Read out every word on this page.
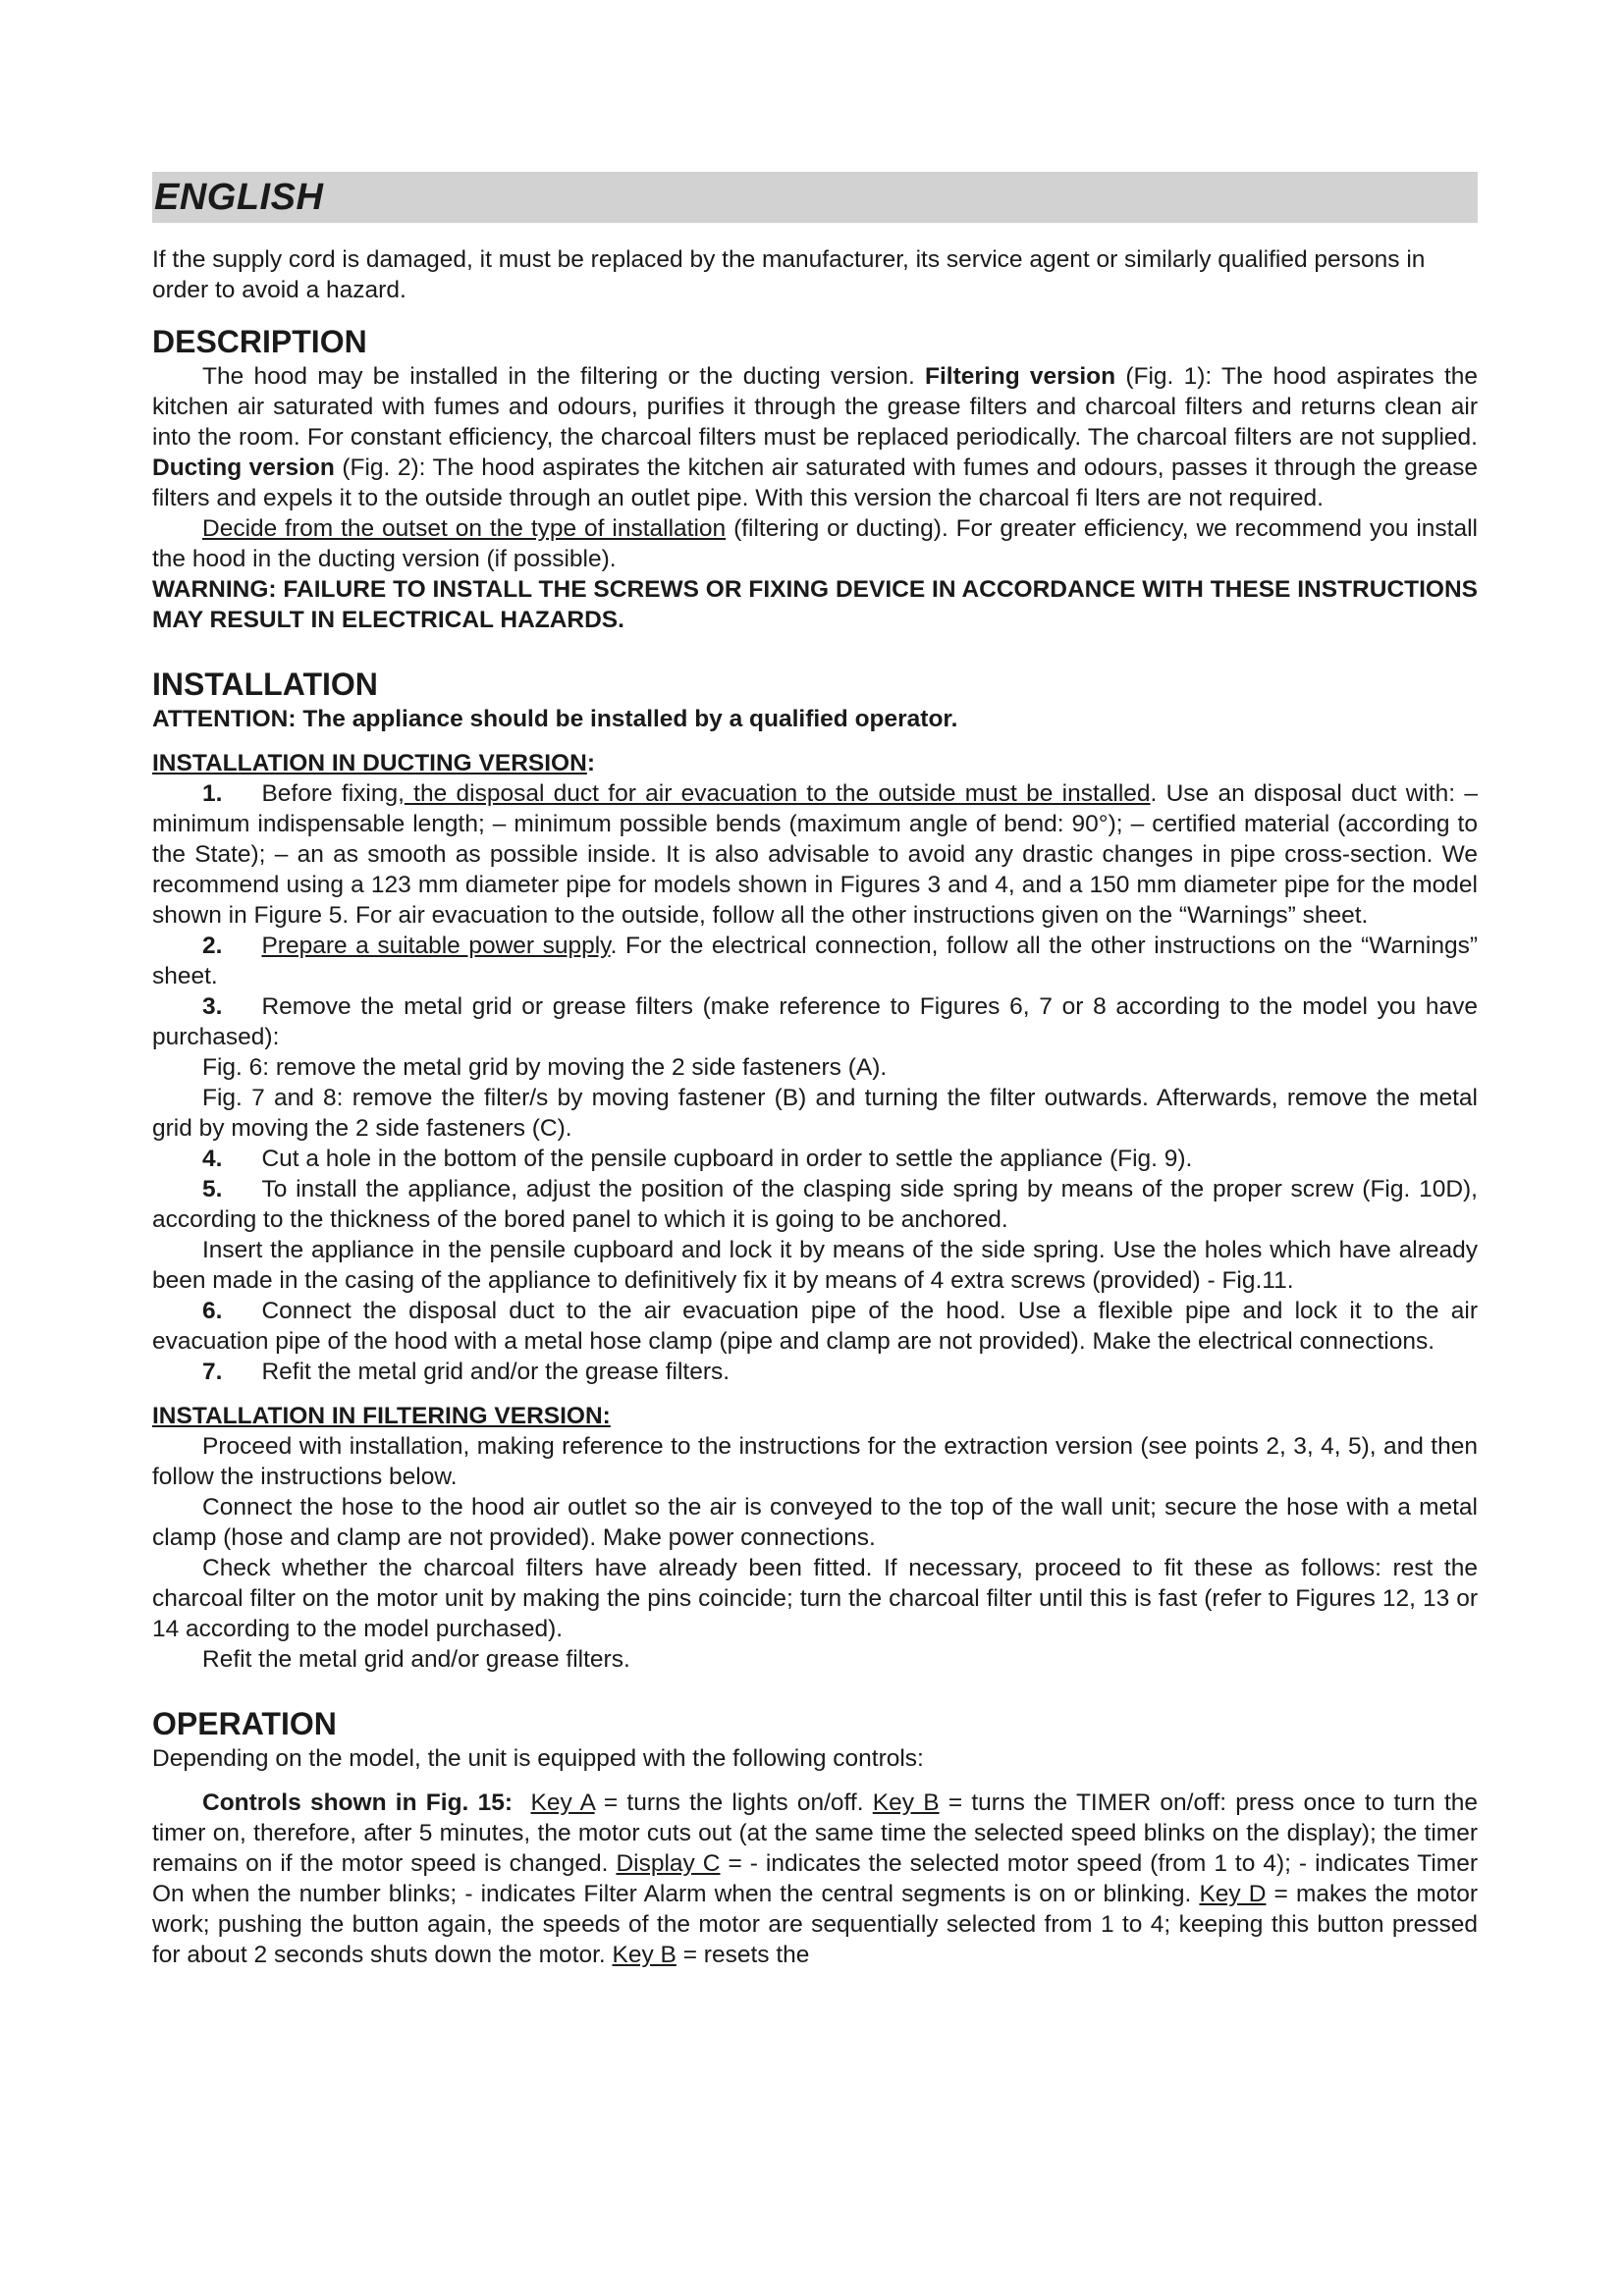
ENGLISH

If the supply cord is damaged, it must be replaced by the manufacturer, its service agent or similarly qualified persons in order to avoid a hazard.

DESCRIPTION

The hood may be installed in the filtering or the ducting version. Filtering version (Fig. 1): The hood aspirates the kitchen air saturated with fumes and odours, purifies it through the grease filters and charcoal filters and returns clean air into the room. For constant efficiency, the charcoal filters must be replaced periodically. The charcoal filters are not supplied. Ducting version (Fig. 2): The hood aspirates the kitchen air saturated with fumes and odours, passes it through the grease filters and expels it to the outside through an outlet pipe. With this version the charcoal fi lters are not required.

Decide from the outset on the type of installation (filtering or ducting). For greater efficiency, we recommend you install the hood in the ducting version (if possible).

WARNING: FAILURE TO INSTALL THE SCREWS OR FIXING DEVICE IN ACCORDANCE WITH THESE INSTRUCTIONS MAY RESULT IN ELECTRICAL HAZARDS.

INSTALLATION

ATTENTION: The appliance should be installed by a qualified operator.

INSTALLATION IN DUCTING VERSION:

1. Before fixing, the disposal duct for air evacuation to the outside must be installed. Use an disposal duct with: – minimum indispensable length; – minimum possible bends (maximum angle of bend: 90°); – certified material (according to the State); – an as smooth as possible inside. It is also advisable to avoid any drastic changes in pipe cross-section. We recommend using a 123 mm diameter pipe for models shown in Figures 3 and 4, and a 150 mm diameter pipe for the model shown in Figure 5. For air evacuation to the outside, follow all the other instructions given on the “Warnings” sheet.

2. Prepare a suitable power supply. For the electrical connection, follow all the other instructions on the “Warnings” sheet.

3. Remove the metal grid or grease filters (make reference to Figures 6, 7 or 8 according to the model you have purchased):

Fig. 6: remove the metal grid by moving the 2 side fasteners (A).

Fig. 7 and 8: remove the filter/s by moving fastener (B) and turning the filter outwards. Afterwards, remove the metal grid by moving the 2 side fasteners (C).

4. Cut a hole in the bottom of the pensile cupboard in order to settle the appliance (Fig. 9).

5. To install the appliance, adjust the position of the clasping side spring by means of the proper screw (Fig. 10D), according to the thickness of the bored panel to which it is going to be anchored.

Insert the appliance in the pensile cupboard and lock it by means of the side spring. Use the holes which have already been made in the casing of the appliance to definitively fix it by means of 4 extra screws (provided) - Fig.11.

6. Connect the disposal duct to the air evacuation pipe of the hood. Use a flexible pipe and lock it to the air evacuation pipe of the hood with a metal hose clamp (pipe and clamp are not provided). Make the electrical connections.

7. Refit the metal grid and/or the grease filters.

INSTALLATION IN FILTERING VERSION:

Proceed with installation, making reference to the instructions for the extraction version (see points 2, 3, 4, 5), and then follow the instructions below.

Connect the hose to the hood air outlet so the air is conveyed to the top of the wall unit; secure the hose with a metal clamp (hose and clamp are not provided). Make power connections.

Check whether the charcoal filters have already been fitted. If necessary, proceed to fit these as follows: rest the charcoal filter on the motor unit by making the pins coincide; turn the charcoal filter until this is fast (refer to Figures 12, 13 or 14 according to the model purchased).

Refit the metal grid and/or grease filters.

OPERATION

Depending on the model, the unit is equipped with the following controls:

Controls shown in Fig. 15: Key A = turns the lights on/off. Key B = turns the TIMER on/off: press once to turn the timer on, therefore, after 5 minutes, the motor cuts out (at the same time the selected speed blinks on the display); the timer remains on if the motor speed is changed. Display C = - indicates the selected motor speed (from 1 to 4); - indicates Timer On when the number blinks; - indicates Filter Alarm when the central segments is on or blinking. Key D = makes the motor work; pushing the button again, the speeds of the motor are sequentially selected from 1 to 4; keeping this button pressed for about 2 seconds shuts down the motor. Key B = resets the
